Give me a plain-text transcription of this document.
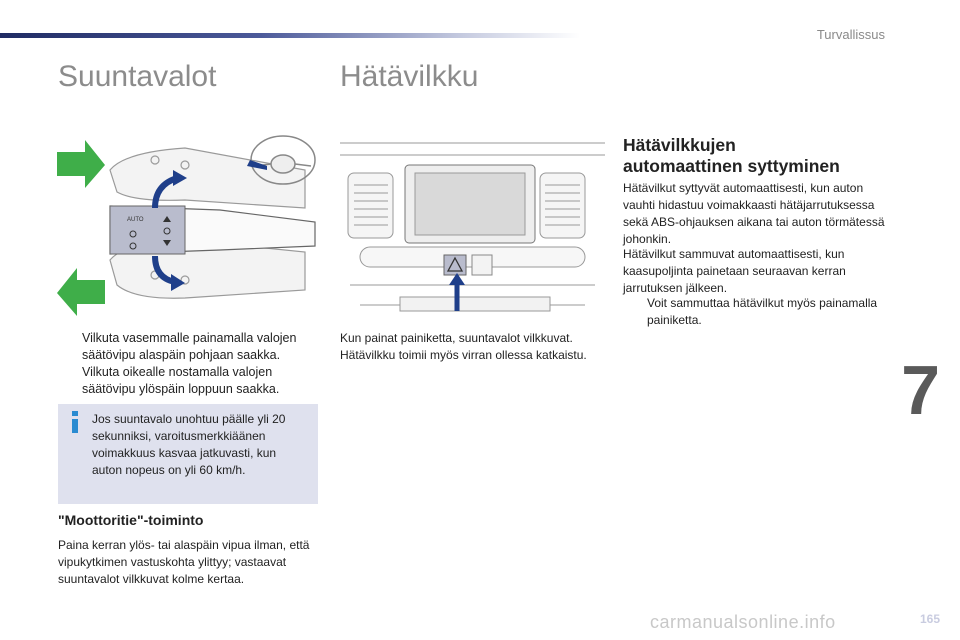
Turvallissus
Suuntavalot
AUTO
Vilkuta vasemmalle painamalla valojen säätövipu alaspäin pohjaan saakka.
Vilkuta oikealle nostamalla valojen säätövipu ylöspäin loppuun saakka.
Jos suuntavalo unohtuu päälle yli 20 sekunniksi, varoitusmerkkiäänen voimakkuus kasvaa jatkuvasti, kun auton nopeus on yli 60 km/h.
"Moottoritie"-toiminto

Paina kerran ylös- tai alaspäin vipua ilman, että vipukytkimen vastuskohta ylittyy; vastaavat suuntavalot vilkkuvat kolme kertaa.

Hätävilkku

Kun painat painiketta, suuntavalot vilkkuvat. Hätävilkku toimii myös virran ollessa katkaistu.

Hätävilkkujen
automaattinen syttyminen

Hätävilkut syttyvät automaattisesti, kun auton vauhti hidastuu voimakkaasti hätäjarrutuksessa sekä ABS-ohjauksen aikana tai auton törmätessä johonkin.

Hätävilkut sammuvat automaattisesti, kun kaasupoljinta painetaan seuraavan kerran jarrutuksen jälkeen.

Voit sammuttaa hätävilkut myös painamalla painiketta.
7
carmanualsonline.info	165
